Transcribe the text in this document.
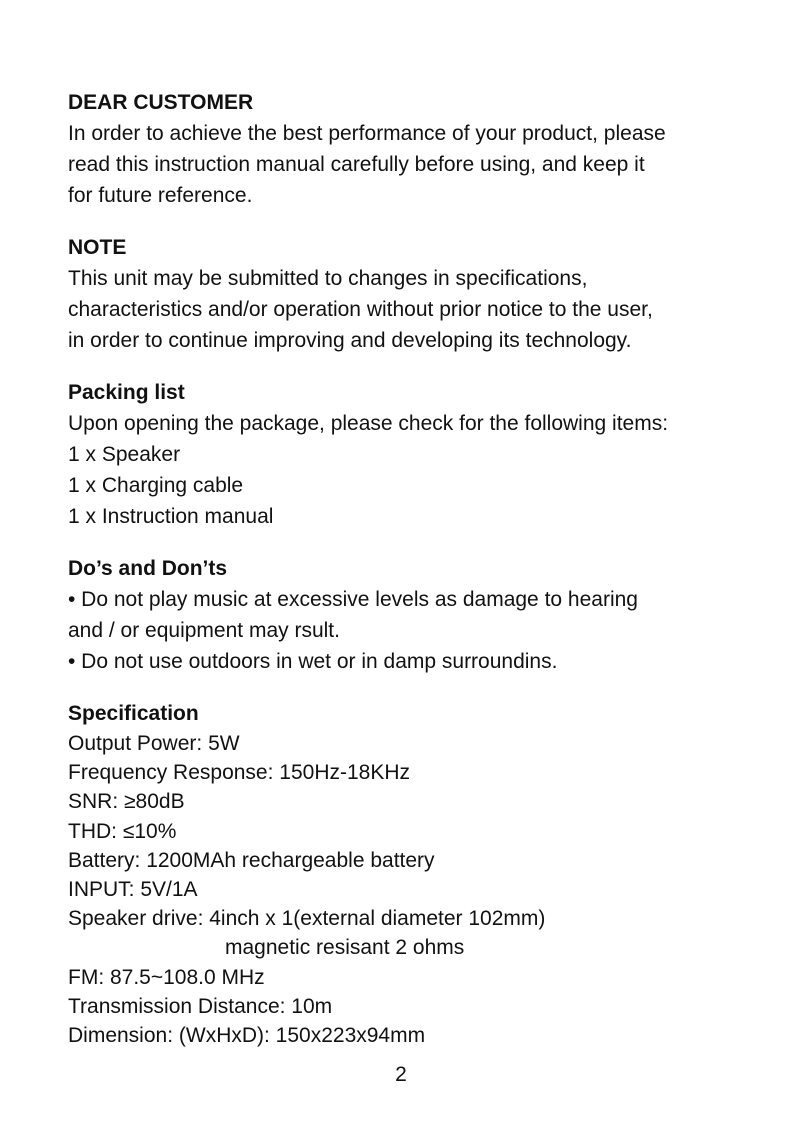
DEAR CUSTOMER

In order to achieve the best performance of your product, please

read this instruction manual carefully before using, and keep it

for future reference.

NOTE

This unit may be submitted to changes in specifications,

characteristics and/or operation without prior notice to the user,

in order to continue improving and developing its technology.

Packing list

Upon opening the package, please check for the following items:

1 x Speaker

1 x Charging cable

1 x Instruction manual

Do’s and Don’ts

• Do not play music at excessive levels as damage to hearing

and / or equipment may rsult.

• Do not use outdoors in wet or in damp surroundins.

Specification

Output Power: 5W

Frequency Response: 150Hz-18KHz

SNR: ≥80dB

THD: ≤10%

Battery: 1200MAh rechargeable battery

INPUT: 5V/1A

Speaker drive: 4inch x 1(external diameter 102mm)

magnetic resisant 2 ohms

FM: 87.5~108.0 MHz

Transmission Distance: 10m

Dimension: (WxHxD): 150x223x94mm

2
